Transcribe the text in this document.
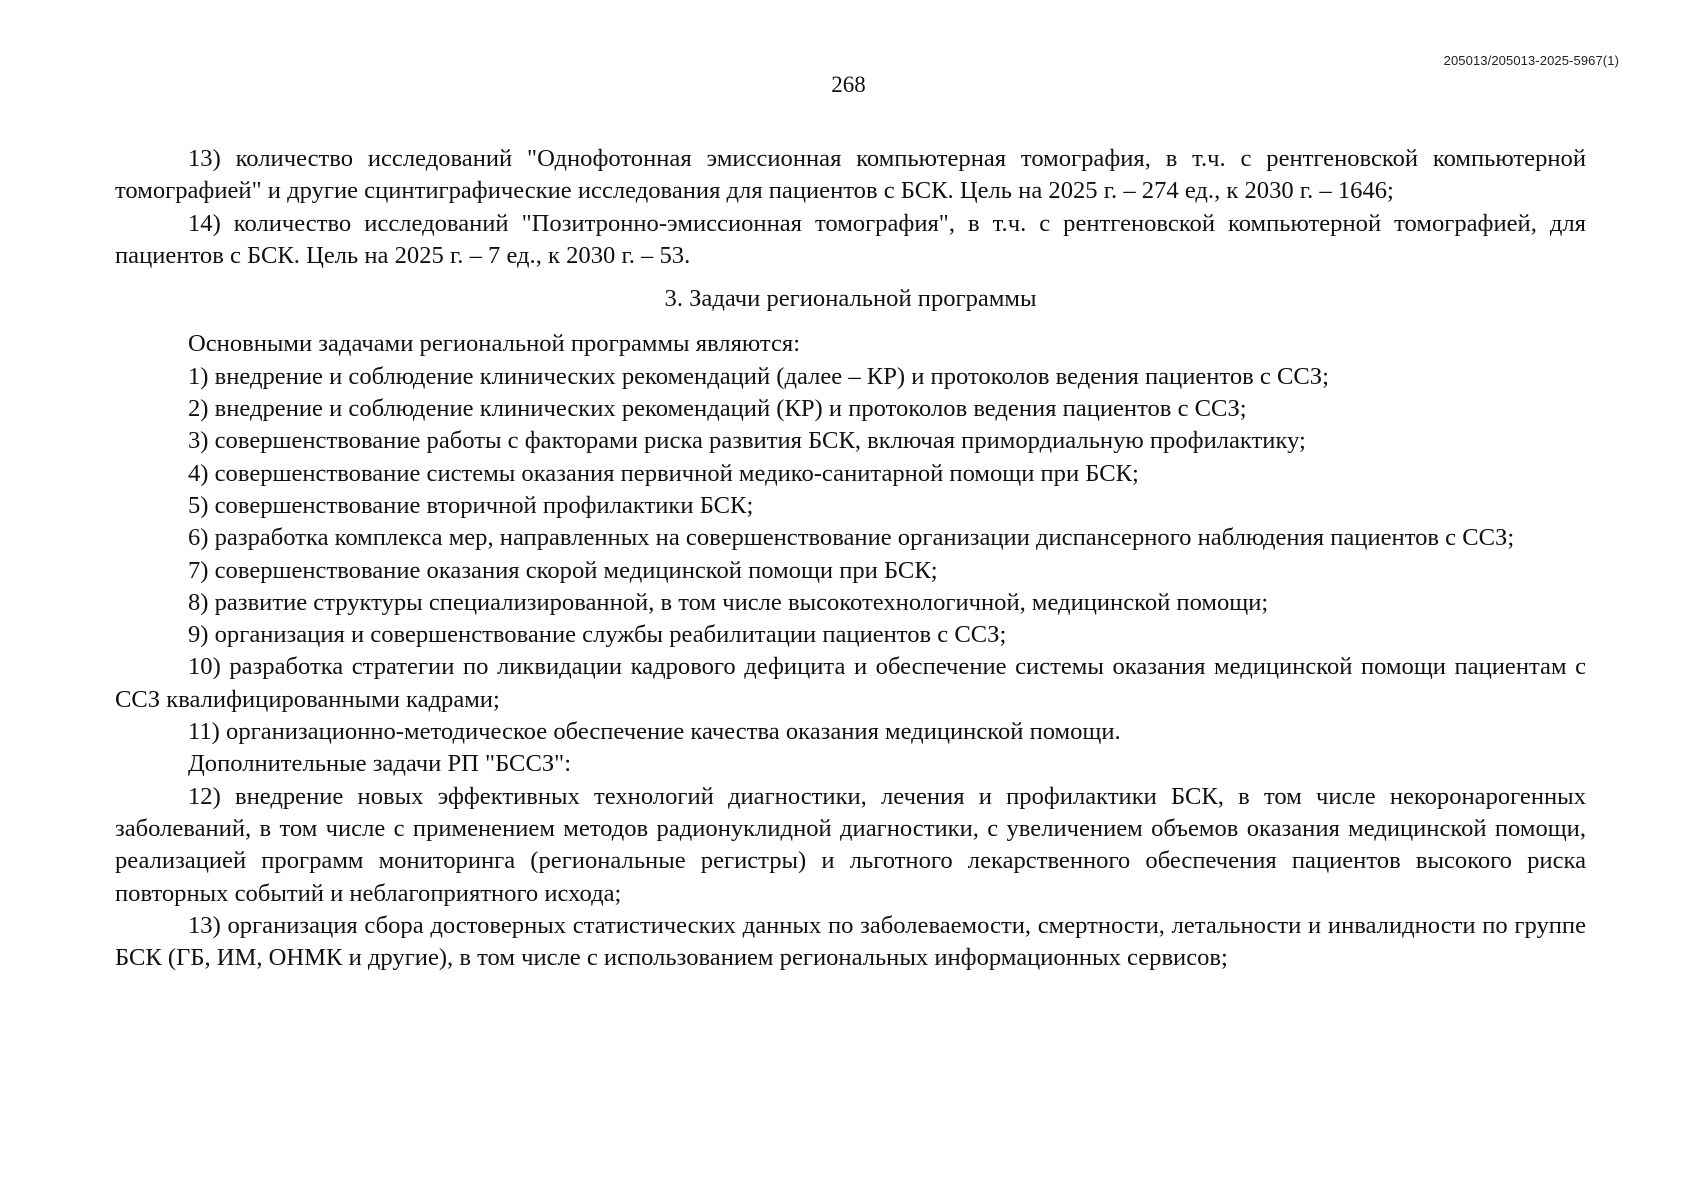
205013/205013-2025-5967(1)
268

13) количество исследований "Однофотонная эмиссионная компьютерная томография, в т.ч. с рентгеновской компьютерной томографией" и другие сцинтиграфические исследования для пациентов с БСК. Цель на 2025 г. – 274 ед., к 2030 г. – 1646;

14) количество исследований "Позитронно-эмиссионная томография", в т.ч. с рентгеновской компьютерной томографией, для пациентов с БСК. Цель на 2025 г. – 7 ед., к 2030 г. – 53.

3. Задачи региональной программы

Основными задачами региональной программы являются:

1) внедрение и соблюдение клинических рекомендаций (далее – КР) и протоколов ведения пациентов с ССЗ;

2) внедрение и соблюдение клинических рекомендаций (КР) и протоколов ведения пациентов с ССЗ;

3) совершенствование работы с факторами риска развития БСК, включая примордиальную профилактику;

4) совершенствование системы оказания первичной медико-санитарной помощи при БСК;

5) совершенствование вторичной профилактики БСК;

6) разработка комплекса мер, направленных на совершенствование организации диспансерного наблюдения пациентов с ССЗ;

7) совершенствование оказания скорой медицинской помощи при БСК;

8) развитие структуры специализированной, в том числе высокотехнологичной, медицинской помощи;

9) организация и совершенствование службы реабилитации пациентов с ССЗ;

10) разработка стратегии по ликвидации кадрового дефицита и обеспечение системы оказания медицинской помощи пациентам с ССЗ квалифицированными кадрами;

11) организационно-методическое обеспечение качества оказания медицинской помощи.

Дополнительные задачи РП "БССЗ":

12) внедрение новых эффективных технологий диагностики, лечения и профилактики БСК, в том числе некоронарогенных заболеваний, в том числе с применением методов радионуклидной диагностики, с увеличением объемов оказания медицинской помощи, реализацией программ мониторинга (региональные регистры) и льготного лекарственного обеспечения пациентов высокого риска повторных событий и неблагоприятного исхода;

13) организация сбора достоверных статистических данных по заболеваемости, смертности, летальности и инвалидности по группе БСК (ГБ, ИМ, ОНМК и другие), в том числе с использованием региональных информационных сервисов;
